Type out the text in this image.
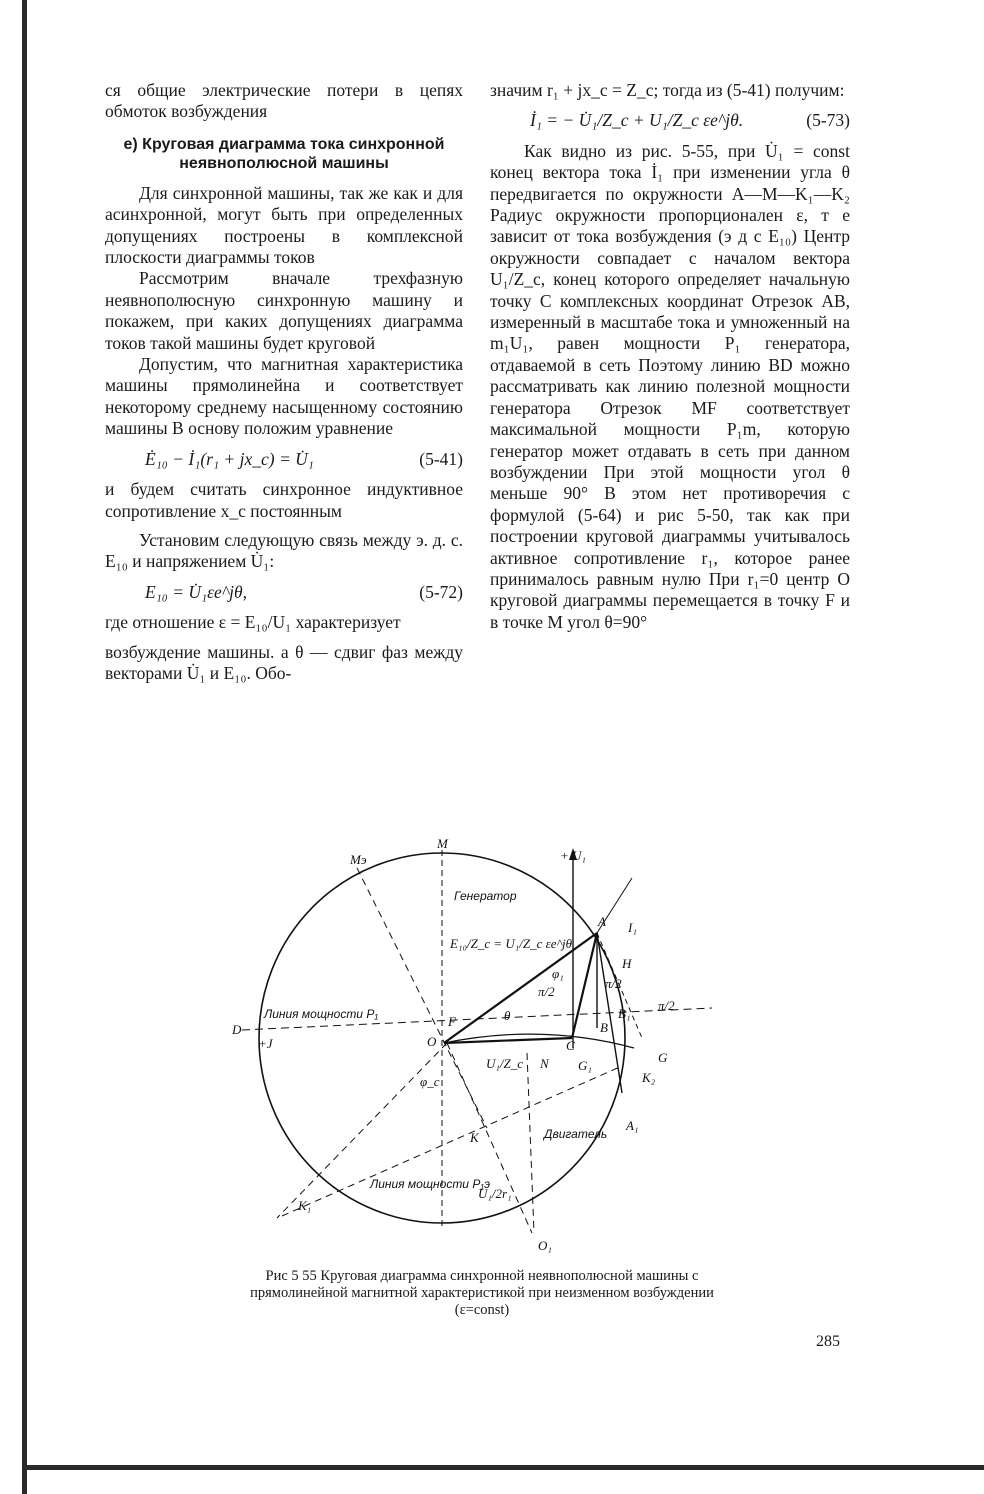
ся общие электрические потери в цепях обмоток возбуждения

е) Круговая диаграмма тока синхронной неявнополюсной машины

Для синхронной машины, так же как и для асинхронной, могут быть при определенных допущениях построены в комплексной плоскости диаграммы токов

Рассмотрим вначале трехфазную неявнополюсную синхронную машину и покажем, при каких допущениях диаграмма токов такой машины будет круговой

Допустим, что магнитная характеристика машины прямолинейна и соответствует некоторому среднему насыщенному состоянию машины В основу положим уравнение

Ė₁₀ − İ₁(r₁ + jx_c) = U̇₁	(5-41)

и будем считать синхронное индуктивное сопротивление x_c постоянным

Установим следующую связь между э. д. с. E₁₀ и напряжением U̇₁:

E₁₀ = U̇₁εe^jθ,	(5-72)

где отношение ε = E₁₀/U₁ характеризует

возбуждение машины. а θ — сдвиг фаз между векторами U̇₁ и E₁₀. Обо-

значим r₁ + jx_c = Z_c; тогда из (5-41) получим:

İ₁ = − U̇₁/Z_c + U₁/Z_c εe^jθ.	(5-73)

Как видно из рис. 5-55, при U̇₁ = const конец вектора тока İ₁ при изменении угла θ передвигается по окружности A—M—K₁—K₂ Радиус окружности пропорционален ε, т е зависит от тока возбуждения (э д с E₁₀) Центр окружности совпадает с началом вектора U₁/Z_c, конец которого определяет начальную точку C комплексных координат Отрезок AB, измеренный в масштабе тока и умноженный на m₁U₁, равен мощности P₁ генератора, отдаваемой в сеть Поэтому линию BD можно рассматривать как линию полезной мощности генератора Отрезок MF соответствует максимальной мощности P₁m, которую генератор может отдавать в сеть при данном возбуждении При этой мощности угол θ меньше 90° В этом нет противоречия с формулой (5-64) и рис 5-50, так как при построении круговой диаграммы учитывалось активное сопротивление r₁, которое ранее принималось равным нулю При r₁=0 центр O круговой диаграммы перемещается в точку F и в точке M угол θ=90°

Mэ
M
+ U₁
Генератор
I₁
A
H
E₁₀/Z_c = U₁/Z_c εe^jθ
φ₁
π/2
π/2
π/2
D
+J
Линия мощности P₁	F
O
θ
C
B
B₁
G
G₁
N
K₂
U₁/Z_c
φ_c
A₁
Двигатель
K
K₁
Линия мощности P₁э
U₁/2r₁
O₁
Рис 5 55 Круговая диаграмма синхронной неявнополюсной машины с прямолинейной магнитной характеристикой при неизменном возбуждении (ε=const)
285
